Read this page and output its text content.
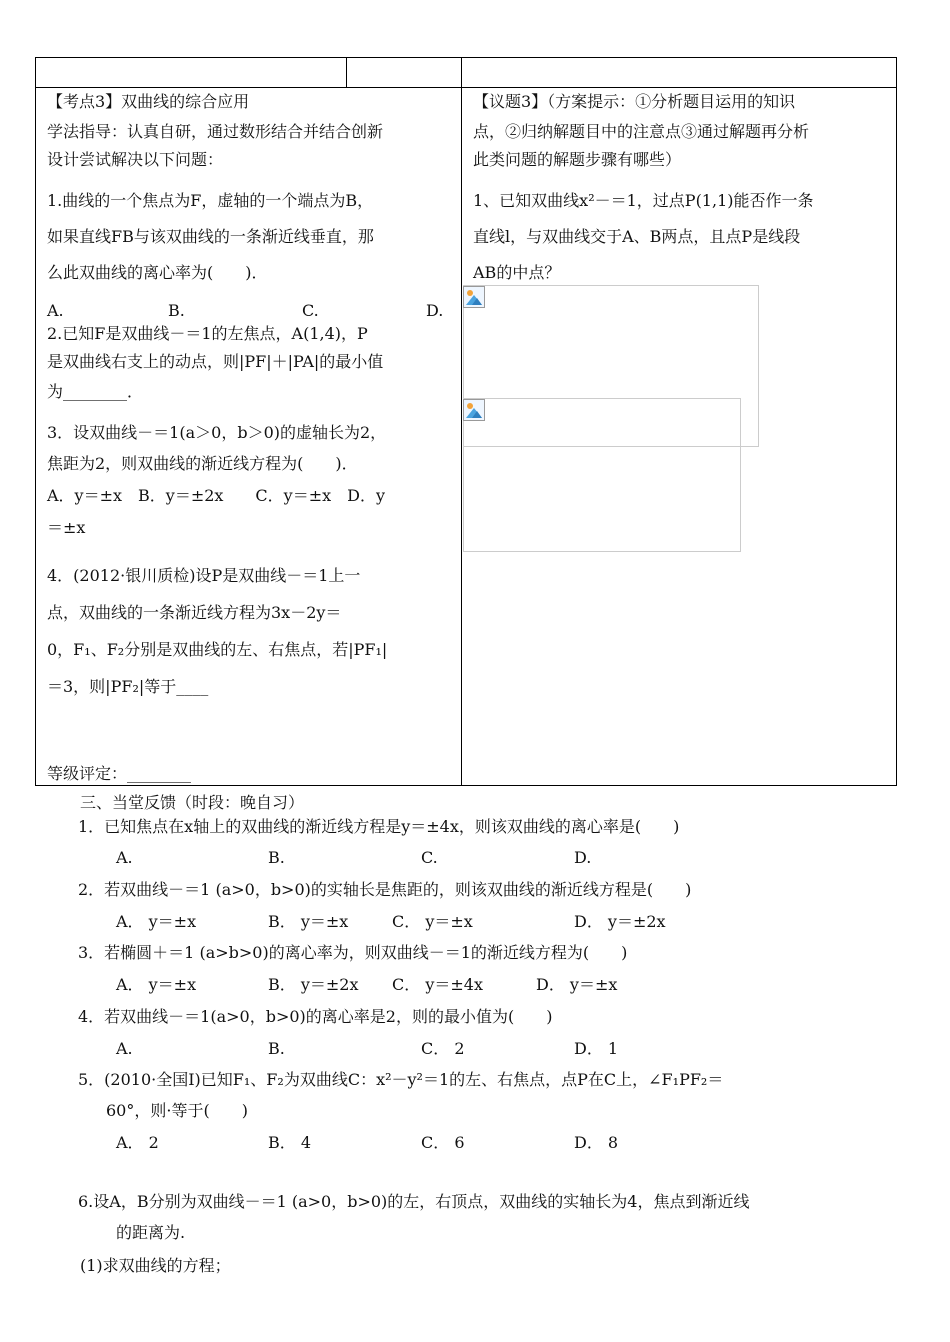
【考点3】双曲线的综合应用
学法指导：认真自研，通过数形结合并结合创新
设计尝试解决以下问题：
1.曲线的一个焦点为F，虚轴的一个端点为B，
如果直线FB与该双曲线的一条渐近线垂直，那
么此双曲线的离心率为(　　)．
A.	B.	C.	D.
2.已知F是双曲线－＝1的左焦点，A(1,4)，P
是双曲线右支上的动点，则|PF|＋|PA|的最小值
为________．
3．设双曲线－＝1(a＞0，b＞0)的虚轴长为2，
焦距为2，则双曲线的渐近线方程为(　　)．
A．y＝±x　B．y＝±2x　　C．y＝±x　D．y
＝±x
4．(2012·银川质检)设P是双曲线－＝1上一
点，双曲线的一条渐近线方程为3x－2y＝
0，F₁、F₂分别是双曲线的左、右焦点，若|PF₁|
＝3，则|PF₂|等于____
等级评定：________
【议题3】（方案提示：①分析题目运用的知识
点，②归纳解题目中的注意点③通过解题再分析
此类问题的解题步骤有哪些）
1、已知双曲线x²－＝1，过点P(1,1)能否作一条
直线l，与双曲线交于A、B两点，且点P是线段
AB的中点？
三、当堂反馈（时段：晚自习）
1．已知焦点在x轴上的双曲线的渐近线方程是y＝±4x，则该双曲线的离心率是(　　)
A.	B.	C.	D.
2．若双曲线－＝1 (a>0，b>0)的实轴长是焦距的，则该双曲线的渐近线方程是(　　)
A． y＝±x	B． y＝±x	C． y＝±x	D． y＝±2x
3．若椭圆＋＝1 (a>b>0)的离心率为，则双曲线－＝1的渐近线方程为(　　)
A． y＝±x	B． y＝±2x C． y＝±4x	D． y＝±x
4．若双曲线－＝1(a>0，b>0)的离心率是2，则的最小值为(　　)
A.	B.	C． 2	D． 1
5．(2010·全国Ⅰ)已知F₁、F₂为双曲线C：x²－y²＝1的左、右焦点，点P在C上，∠F₁PF₂＝
60°，则·等于(　　)
A． 2	B． 4	C． 6	D． 8
6.设A，B分别为双曲线－＝1 (a>0，b>0)的左，右顶点，双曲线的实轴长为4，焦点到渐近线
的距离为.
(1)求双曲线的方程；
